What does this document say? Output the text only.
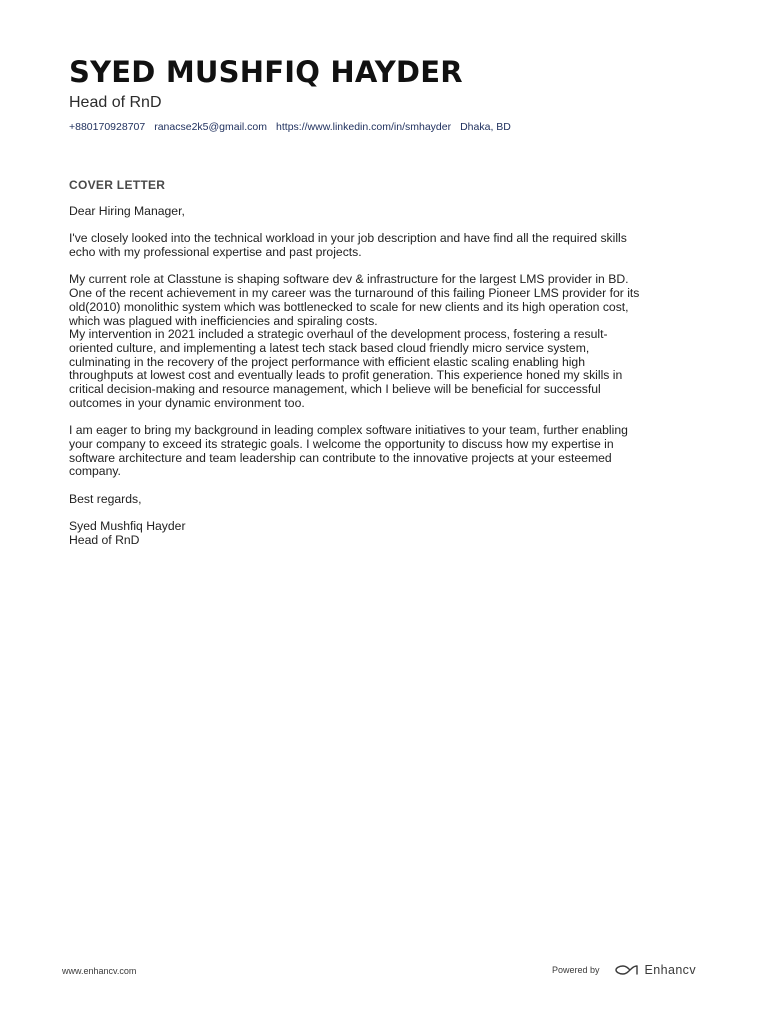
SYED MUSHFIQ HAYDER
Head of RnD
+880170928707 ranacse2k5@gmail.com https://www.linkedin.com/in/smhayder Dhaka, BD
COVER LETTER

Dear Hiring Manager,

I've closely looked into the technical workload in your job description and have find all the required skills
echo with my professional expertise and past projects.

My current role at Classtune is shaping software dev & infrastructure for the largest LMS provider in BD.
One of the recent achievement in my career was the turnaround of this failing Pioneer LMS provider for its
old(2010) monolithic system which was bottlenecked to scale for new clients and its high operation cost,
which was plagued with inefficiencies and spiraling costs.
My intervention in 2021 included a strategic overhaul of the development process, fostering a result-
oriented culture, and implementing a latest tech stack based cloud friendly micro service system,
culminating in the recovery of the project performance with efficient elastic scaling enabling high
throughputs at lowest cost and eventually leads to profit generation. This experience honed my skills in
critical decision-making and resource management, which I believe will be beneficial for successful
outcomes in your dynamic environment too.

I am eager to bring my background in leading complex software initiatives to your team, further enabling
your company to exceed its strategic goals. I welcome the opportunity to discuss how my expertise in
software architecture and team leadership can contribute to the innovative projects at your esteemed
company.

Best regards,

Syed Mushfiq Hayder

Head of RnD

www.enhancv.com	Powered by	Enhancv
